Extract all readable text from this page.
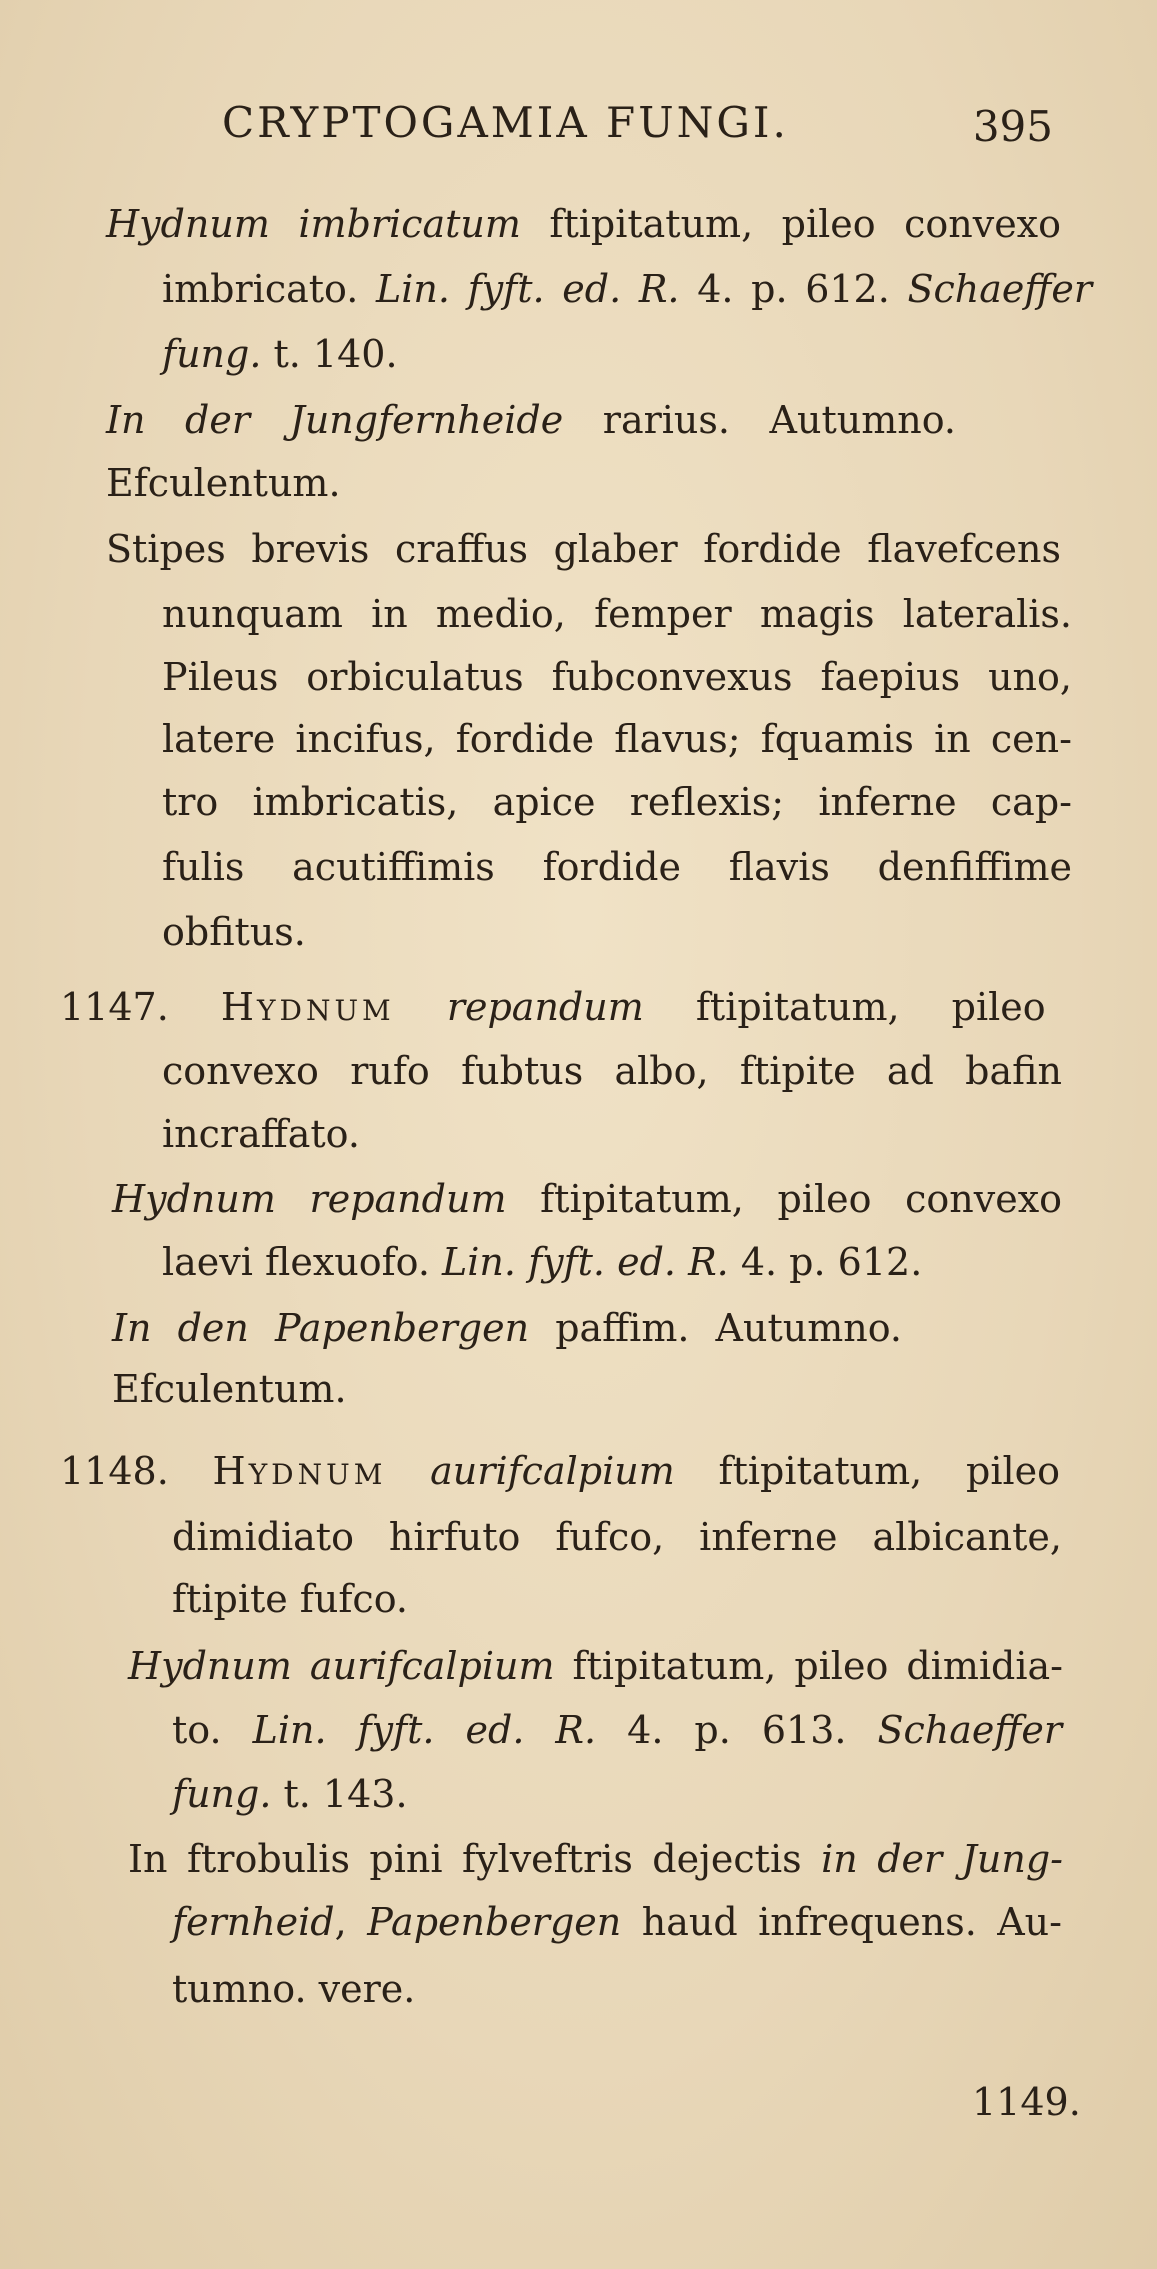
CRYPTOGAMIA FUNGI.	395
Hydnum imbricatum ftipitatum, pileo convexo
imbricato. Lin. fyft. ed. R. 4. p. 612. Schaeffer
fung. t. 140.
In der Jungfernheide rarius. Autumno.
Efculentum.
Stipes brevis craffus glaber fordide flavefcens
nunquam in medio, femper magis lateralis.
Pileus orbiculatus fubconvexus faepius uno,
latere incifus, fordide flavus; fquamis in cen-
tro imbricatis, apice reflexis; inferne cap-
fulis acutiffimis fordide flavis denfiffime
obfitus.
1147. HYDNUM repandum ftipitatum, pileo
convexo rufo fubtus albo, ftipite ad bafin
incraffato.
Hydnum repandum ftipitatum, pileo convexo
laevi flexuofo. Lin. fyft. ed. R. 4. p. 612.
In den Papenbergen paffim. Autumno.
Efculentum.
1148. HYDNUM aurifcalpium ftipitatum, pileo
dimidiato hirfuto fufco, inferne albicante,
ftipite fufco.
Hydnum aurifcalpium ftipitatum, pileo dimidia-
to. Lin. fyft. ed. R. 4. p. 613. Schaeffer
fung. t. 143.
In ftrobulis pini fylveftris dejectis in der Jung-
fernheid, Papenbergen haud infrequens. Au-
tumno. vere.
1149.
